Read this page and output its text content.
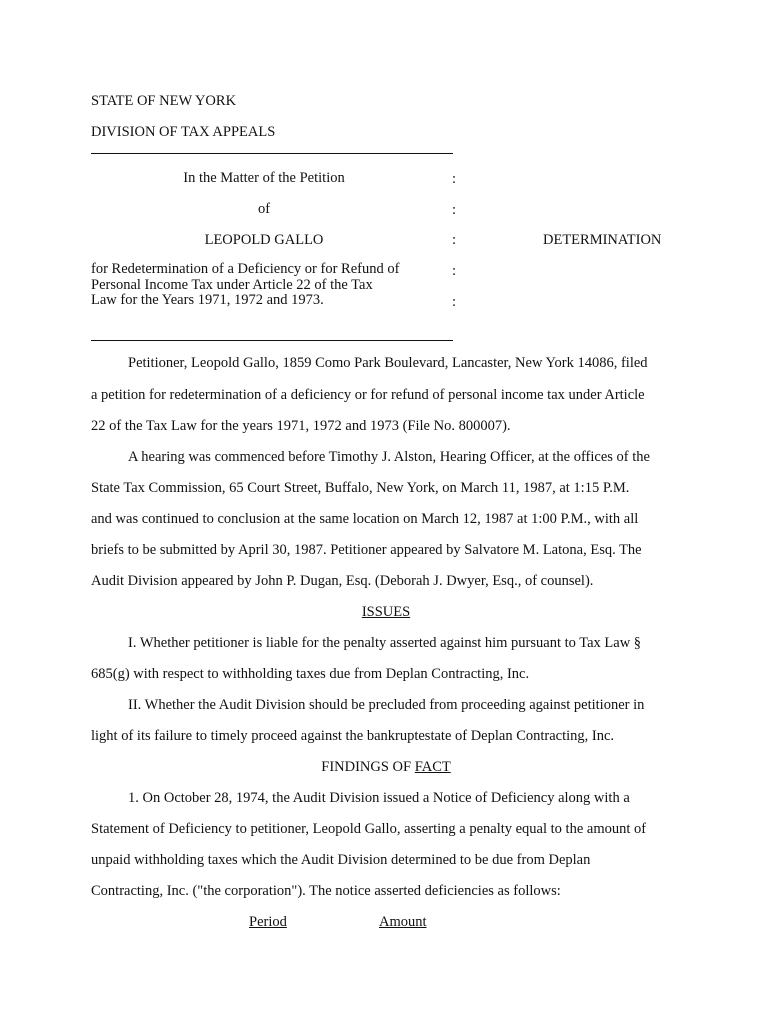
STATE OF NEW YORK
DIVISION OF TAX APPEALS
In the Matter of the Petition	:
of	:
LEOPOLD GALLO	:	DETERMINATION
for Redetermination of a Deficiency or for Refund of Personal Income Tax under Article 22 of the Tax Law for the Years 1971, 1972 and 1973.
:
:
Petitioner, Leopold Gallo, 1859 Como Park Boulevard, Lancaster, New York 14086, filed
a petition for redetermination of a deficiency or for refund of personal income tax under Article
22 of the Tax Law for the years 1971, 1972 and 1973 (File No. 800007).
A hearing was commenced before Timothy J. Alston, Hearing Officer, at the offices of the
State Tax Commission, 65 Court Street, Buffalo, New York, on March 11, 1987, at 1:15 P.M.
and was continued to conclusion at the same location on March 12, 1987 at 1:00 P.M., with all
briefs to be submitted by April 30, 1987. Petitioner appeared by Salvatore M. Latona, Esq. The
Audit Division appeared by John P. Dugan, Esq. (Deborah J. Dwyer, Esq., of counsel).
ISSUES
I. Whether petitioner is liable for the penalty asserted against him pursuant to Tax Law §
685(g) with respect to withholding taxes due from Deplan Contracting, Inc.
II. Whether the Audit Division should be precluded from proceeding against petitioner in
light of its failure to timely proceed against the bankruptestate of Deplan Contracting, Inc.
FINDINGS OF FACT
1. On October 28, 1974, the Audit Division issued a Notice of Deficiency along with a
Statement of Deficiency to petitioner, Leopold Gallo, asserting a penalty equal to the amount of
unpaid withholding taxes which the Audit Division determined to be due from Deplan
Contracting, Inc. ("the corporation"). The notice asserted deficiencies as follows:
Period	Amount
